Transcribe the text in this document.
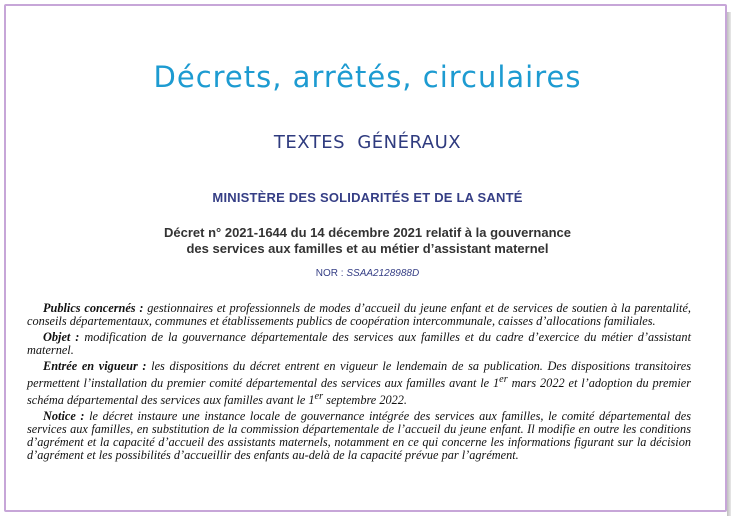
Décrets, arrêtés, circulaires
TEXTES GÉNÉRAUX
MINISTÈRE DES SOLIDARITÉS ET DE LA SANTÉ
Décret n° 2021-1644 du 14 décembre 2021 relatif à la gouvernance
des services aux familles et au métier d’assistant maternel
NOR : SSAA2128988D

Publics concernés : gestionnaires et professionnels de modes d’accueil du jeune enfant et de services de soutien à la parentalité, conseils départementaux, communes et établissements publics de coopération intercommunale, caisses d’allocations familiales.

Objet : modification de la gouvernance départementale des services aux familles et du cadre d’exercice du métier d’assistant maternel.

Entrée en vigueur : les dispositions du décret entrent en vigueur le lendemain de sa publication. Des dispositions transitoires permettent l’installation du premier comité départemental des services aux familles avant le 1er mars 2022 et l’adoption du premier schéma départemental des services aux familles avant le 1er septembre 2022.

Notice : le décret instaure une instance locale de gouvernance intégrée des services aux familles, le comité départemental des services aux familles, en substitution de la commission départementale de l’accueil du jeune enfant. Il modifie en outre les conditions d’agrément et la capacité d’accueil des assistants maternels, notamment en ce qui concerne les informations figurant sur la décision d’agrément et les possibilités d’accueillir des enfants au-delà de la capacité prévue par l’agrément.
